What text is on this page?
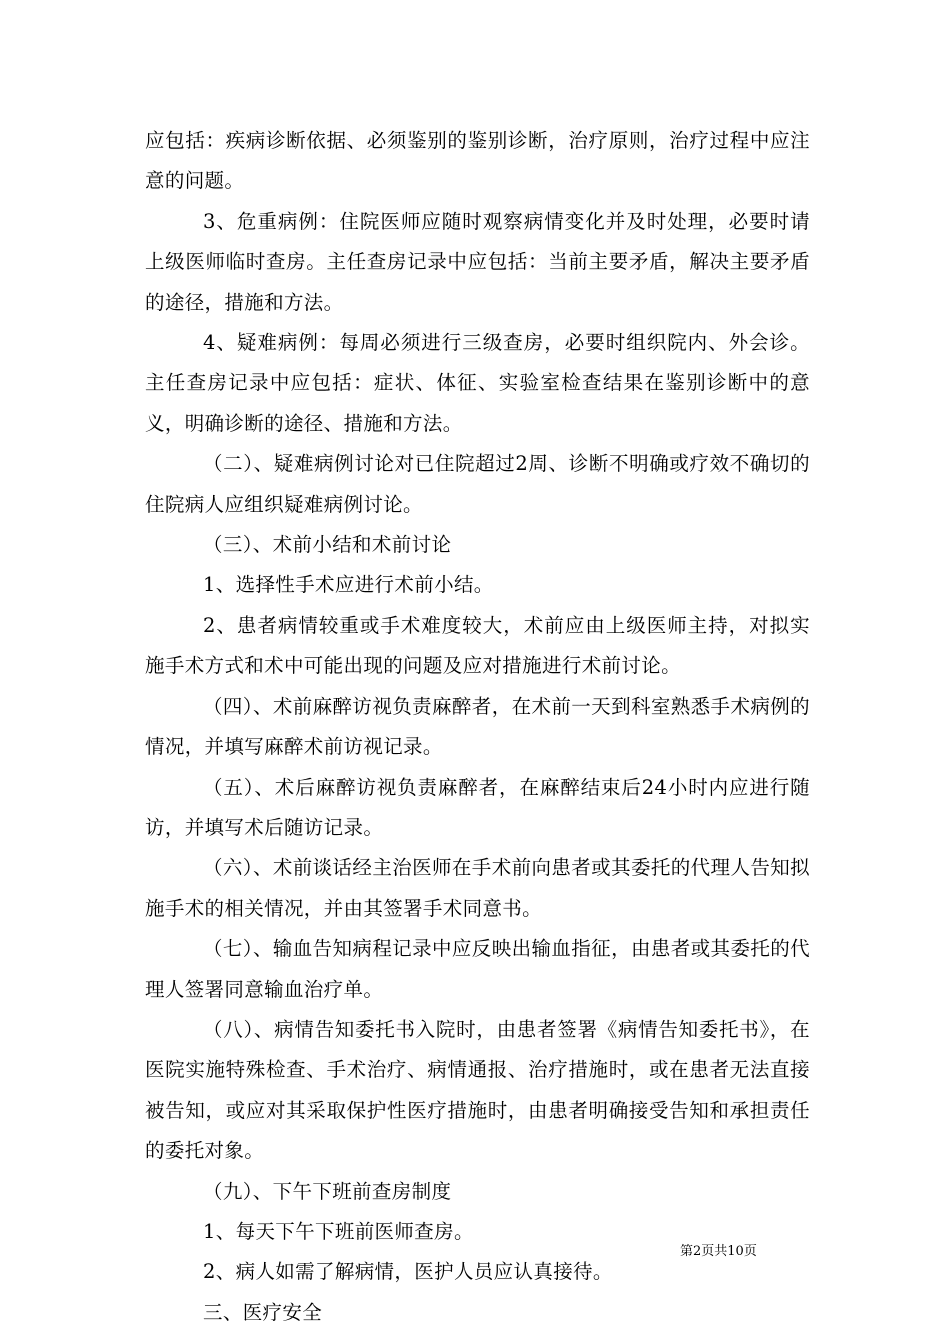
应包括：疾病诊断依据、必须鉴别的鉴别诊断，治疗原则，治疗过程中应注意的问题。

3、危重病例：住院医师应随时观察病情变化并及时处理，必要时请上级医师临时查房。主任查房记录中应包括：当前主要矛盾，解决主要矛盾的途径，措施和方法。

4、疑难病例：每周必须进行三级查房，必要时组织院内、外会诊。主任查房记录中应包括：症状、体征、实验室检查结果在鉴别诊断中的意义，明确诊断的途径、措施和方法。

（二）、疑难病例讨论对已住院超过2周、诊断不明确或疗效不确切的住院病人应组织疑难病例讨论。

（三）、术前小结和术前讨论

1、选择性手术应进行术前小结。

2、患者病情较重或手术难度较大，术前应由上级医师主持，对拟实施手术方式和术中可能出现的问题及应对措施进行术前讨论。

（四）、术前麻醉访视负责麻醉者，在术前一天到科室熟悉手术病例的情况，并填写麻醉术前访视记录。

（五）、术后麻醉访视负责麻醉者，在麻醉结束后24小时内应进行随访，并填写术后随访记录。

（六）、术前谈话经主治医师在手术前向患者或其委托的代理人告知拟施手术的相关情况，并由其签署手术同意书。

（七）、输血告知病程记录中应反映出输血指征，由患者或其委托的代理人签署同意输血治疗单。

（八）、病情告知委托书入院时，由患者签署《病情告知委托书》，在医院实施特殊检查、手术治疗、病情通报、治疗措施时，或在患者无法直接被告知，或应对其采取保护性医疗措施时，由患者明确接受告知和承担责任的委托对象。

（九）、下午下班前查房制度

1、每天下午下班前医师查房。

2、病人如需了解病情，医护人员应认真接待。

三、医疗安全

第2页共10页
